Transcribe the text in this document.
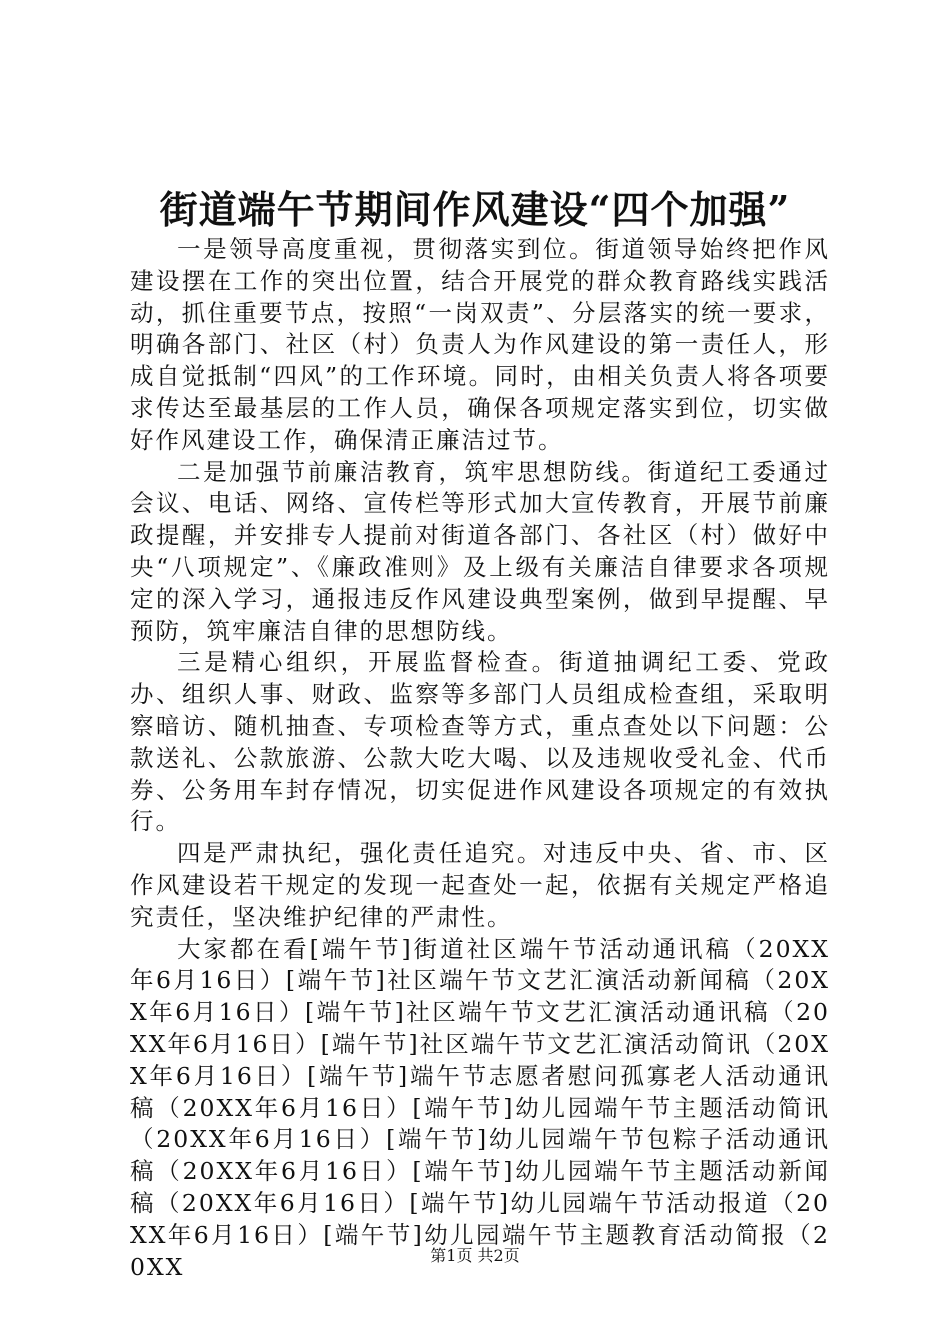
街道端午节期间作风建设“四个加强”

一是领导高度重视，贯彻落实到位。街道领导始终把作风建设摆在工作的突出位置，结合开展党的群众教育路线实践活动，抓住重要节点，按照“一岗双责”、分层落实的统一要求，明确各部门、社区（村）负责人为作风建设的第一责任人，形成自觉抵制“四风”的工作环境。同时，由相关负责人将各项要求传达至最基层的工作人员，确保各项规定落实到位，切实做好作风建设工作，确保清正廉洁过节。

二是加强节前廉洁教育，筑牢思想防线。街道纪工委通过会议、电话、网络、宣传栏等形式加大宣传教育，开展节前廉政提醒，并安排专人提前对街道各部门、各社区（村）做好中央“八项规定”、《廉政准则》及上级有关廉洁自律要求各项规定的深入学习，通报违反作风建设典型案例，做到早提醒、早预防，筑牢廉洁自律的思想防线。

三是精心组织，开展监督检查。街道抽调纪工委、党政办、组织人事、财政、监察等多部门人员组成检查组，采取明察暗访、随机抽查、专项检查等方式，重点查处以下问题：公款送礼、公款旅游、公款大吃大喝、以及违规收受礼金、代币券、公务用车封存情况，切实促进作风建设各项规定的有效执行。

四是严肃执纪，强化责任追究。对违反中央、省、市、区作风建设若干规定的发现一起查处一起，依据有关规定严格追究责任，坚决维护纪律的严肃性。

大家都在看[端午节]街道社区端午节活动通讯稿（20XX年6月16日）[端午节]社区端午节文艺汇演活动新闻稿（20XX年6月16日）[端午节]社区端午节文艺汇演活动通讯稿（20XX年6月16日）[端午节]社区端午节文艺汇演活动简讯（20XX年6月16日）[端午节]端午节志愿者慰问孤寡老人活动通讯稿（20XX年6月16日）[端午节]幼儿园端午节主题活动简讯（20XX年6月16日）[端午节]幼儿园端午节包粽子活动通讯稿（20XX年6月16日）[端午节]幼儿园端午节主题活动新闻稿（20XX年6月16日）[端午节]幼儿园端午节活动报道（20XX年6月16日）[端午节]幼儿园端午节主题教育活动简报（20XX	第1页 共2页
